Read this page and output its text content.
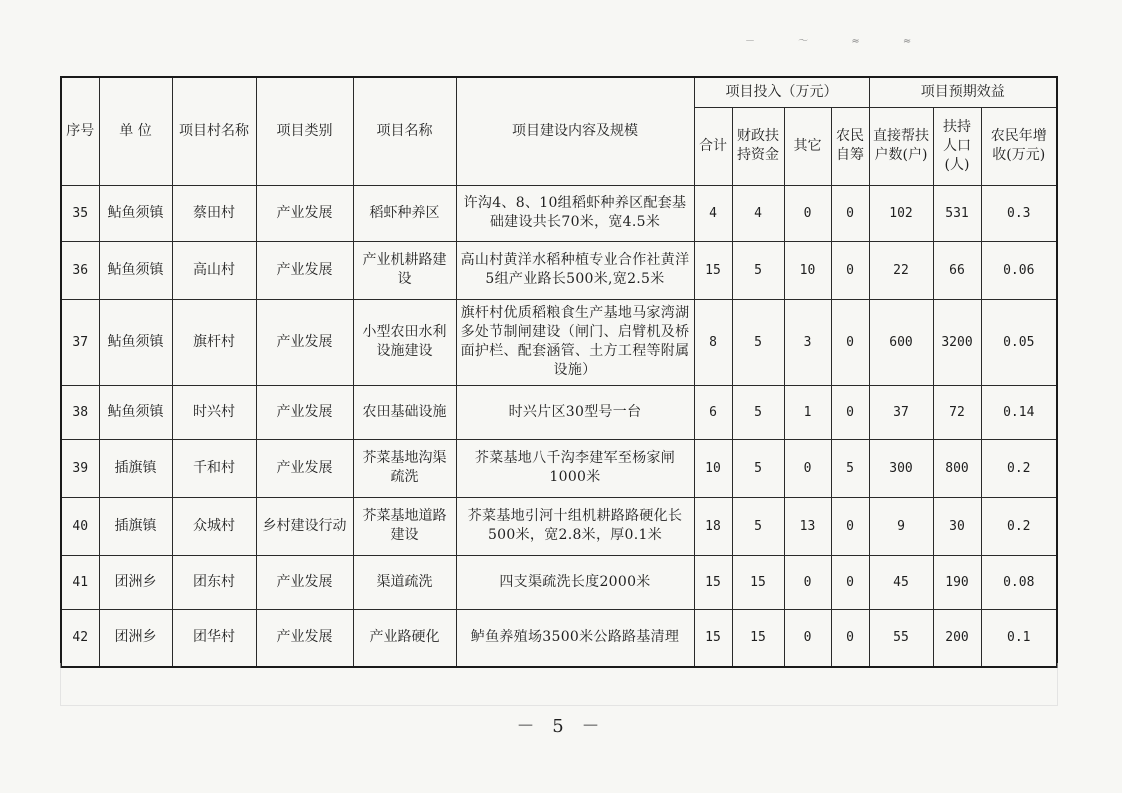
－ ～ ≈ ≈
序号	单 位	项目村名称	项目类别	项目名称	项目建设内容及规模	项目投入（万元）				项目预期效益		
						合计	财政扶持资金	其它	农民自筹	直接帮扶户数(户)	扶持人口(人)	农民年增收(万元)
35	鲇鱼须镇	蔡田村	产业发展	稻虾种养区	许沟4、8、10组稻虾种养区配套基础建设共长70米，宽4.5米	4	4	0	0	102	531	0.3
36	鲇鱼须镇	高山村	产业发展	产业机耕路建设	高山村黄洋水稻种植专业合作社黄洋5组产业路长500米,宽2.5米	15	5	10	0	22	66	0.06
37	鲇鱼须镇	旗杆村	产业发展	小型农田水利设施建设	旗杆村优质稻粮食生产基地马家湾湖多处节制闸建设（闸门、启臂机及桥面护栏、配套涵管、土方工程等附属设施）	8	5	3	0	600	3200	0.05
38	鲇鱼须镇	时兴村	产业发展	农田基础设施	时兴片区30型号一台	6	5	1	0	37	72	0.14
39	插旗镇	千和村	产业发展	芥菜基地沟渠疏洗	芥菜基地八千沟李建军至杨家闸1000米	10	5	0	5	300	800	0.2
40	插旗镇	众城村	乡村建设行动	芥菜基地道路建设	芥菜基地引河十组机耕路路硬化长500米，宽2.8米，厚0.1米	18	5	13	0	9	30	0.2
41	团洲乡	团东村	产业发展	渠道疏洗	四支渠疏洗长度2000米	15	15	0	0	45	190	0.08
42	团洲乡	团华村	产业发展	产业路硬化	鲈鱼养殖场3500米公路路基清理	15	15	0	0	55	200	0.1
－ 5 －
